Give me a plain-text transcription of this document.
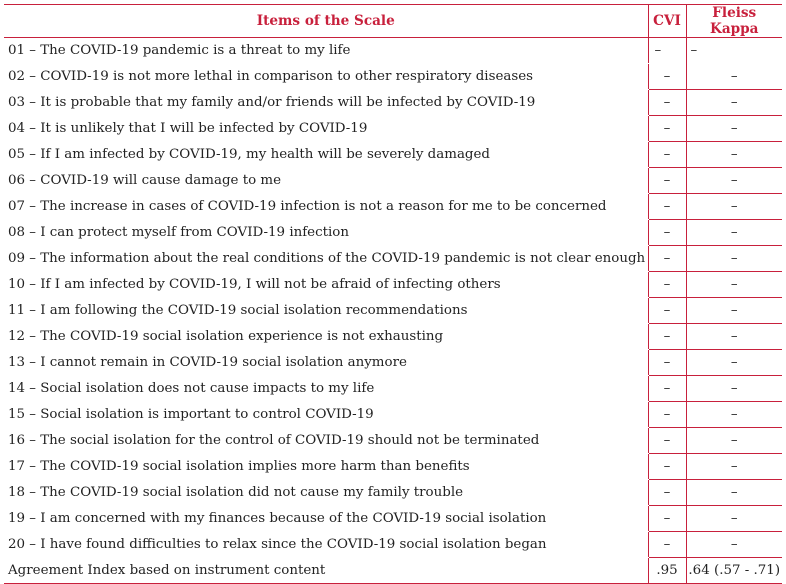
Items of the Scale	CVI	Fleiss Kappa
01 – The COVID-19 pandemic is a threat to my life	–	–
02 – COVID-19 is not more lethal in comparison to other respiratory diseases	–	–
03 – It is probable that my family and/or friends will be infected by COVID-19	–	–
04 – It is unlikely that I will be infected by COVID-19	–	–
05 – If I am infected by COVID-19, my health will be severely damaged	–	–
06 – COVID-19 will cause damage to me	–	–
07 – The increase in cases of COVID-19 infection is not a reason for me to be concerned	–	–
08 – I can protect myself from COVID-19 infection	–	–
09 – The information about the real conditions of the COVID-19 pandemic is not clear enough	–	–
10 – If I am infected by COVID-19, I will not be afraid of infecting others	–	–
11 – I am following the COVID-19 social isolation recommendations	–	–
12 – The COVID-19 social isolation experience is not exhausting	–	–
13 – I cannot remain in COVID-19 social isolation anymore	–	–
14 – Social isolation does not cause impacts to my life	–	–
15 – Social isolation is important to control COVID-19	–	–
16 – The social isolation for the control of COVID-19 should not be terminated	–	–
17 – The COVID-19 social isolation implies more harm than benefits	–	–
18 – The COVID-19 social isolation did not cause my family trouble	–	–
19 – I am concerned with my finances because of the COVID-19 social isolation	–	–
20 – I have found difficulties to relax since the COVID-19 social isolation began	–	–
Agreement Index based on instrument content	.95	.64 (.57 - .71)
